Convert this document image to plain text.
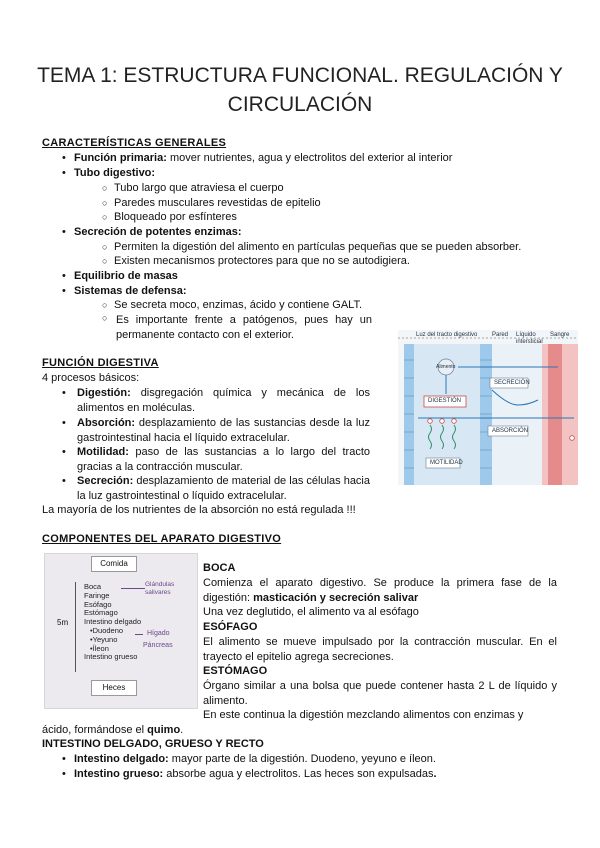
TEMA 1: ESTRUCTURA FUNCIONAL. REGULACIÓN Y
CIRCULACIÓN
CARACTERÍSTICAS GENERALES
• Función primaria: mover nutrientes, agua y electrolitos del exterior al interior
• Tubo digestivo:
○ Tubo largo que atraviesa el cuerpo
○ Paredes musculares revestidas de epitelio
○ Bloqueado por esfínteres
• Secreción de potentes enzimas:
○ Permiten la digestión del alimento en partículas pequeñas que se pueden absorber.
○ Existen mecanismos protectores para que no se autodigiera.
• Equilibrio de masas
• Sistemas de defensa:
○ Se secreta moco, enzimas, ácido y contiene GALT.
○ Es importante frente a patógenos, pues hay un permanente contacto con el exterior.	Luz del tracto digestivo Pared Líquido intersticial
Sangre
Alimento
DIGESTIÓN
SECRECIÓN
ABSORCIÓN
MOTILIDAD
FUNCIÓN DIGESTIVA
4 procesos básicos:
• Digestión: disgregación química y mecánica de los alimentos en moléculas.
• Absorción: desplazamiento de las sustancias desde la luz gastrointestinal hacia el líquido extracelular.
• Motilidad: paso de las sustancias a lo largo del tracto gracias a la contracción muscular.
• Secreción: desplazamiento de material de las células hacia la luz gastrointestinal o líquido extracelular.
La mayoría de los nutrientes de la absorción no está regulada !!!
COMPONENTES DEL APARATO DIGESTIVO
Comida
Heces
5m
Boca
Faringe
Esófago
Estómago
Intestino delgado
•Duodeno
•Yeyuno
•Íleon
Intestino grueso
Glándulas salivares
Hígado
Páncreas
BOCA
Comienza el aparato digestivo. Se produce la primera fase de la digestión: masticación y secreción salivar
Una vez deglutido, el alimento va al esófago
ESÓFAGO
El alimento se mueve impulsado por la contracción muscular. En el trayecto el epitelio agrega secreciones.
ESTÓMAGO
Órgano similar a una bolsa que puede contener hasta 2 L de líquido y alimento.
En este continua la digestión mezclando alimentos con enzimas y
ácido, formándose el quimo.
INTESTINO DELGADO, GRUESO Y RECTO
• Intestino delgado: mayor parte de la digestión. Duodeno, yeyuno e íleon.
• Intestino grueso: absorbe agua y electrolitos. Las heces son expulsadas.
